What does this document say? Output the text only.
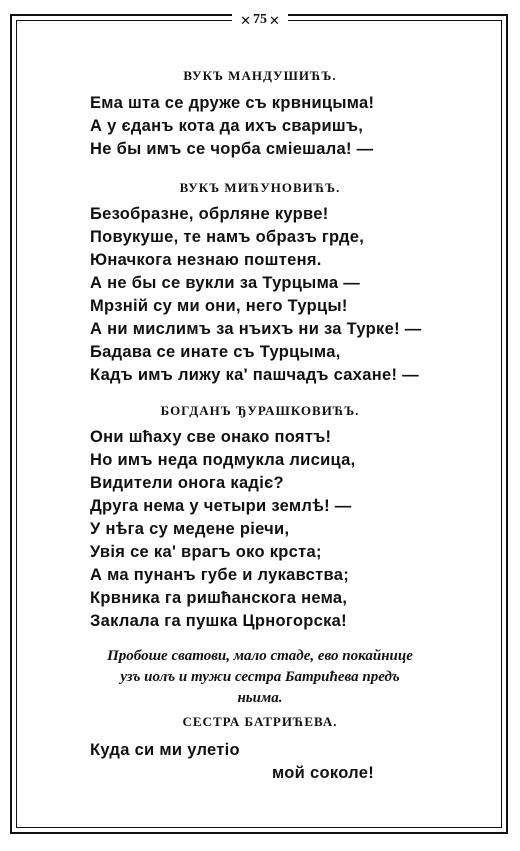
✕ 75 ✕
ВУКЪ МАНДУШИЋЪ.
Ема шта се друже съ крвницыма!
А у єданъ кота да ихъ сваришъ,
Не бы имъ се чорба сміешала! —
ВУКЪ МИЋУНОВИЋЪ.
Безобразне, обрляне курве!
Повукуше, те намъ образъ грде,
Юначкога незнаю поштеня.
А не бы се вукли за Турцыма —
Мрзній су ми они, него Турцы!
А ни мислимъ за нъихъ ни за Турке! —
Бадава се инате съ Турцыма,
Кадъ имъ лижу ка' пашчадъ сахане! —
БОГДАНЪ ЂУРАШКОВИЋЪ.
Они шћаху све онако поятъ!
Но имъ неда подмукла лисица,
Видители онога кадіє?
Друга нема у четыри землѣ! —
У нѣга су медене ріечи,
Увія се ка' врагъ око крста;
А ма пунанъ губе и лукавства;
Крвника га ришћанскога нема,
Заклала га пушка Црногорска!
Пробоше сватови, мало стаде, ево покайнице
узъ иолъ и тужи сестра Батрићева предъ
ньима.
СЕСТРА БАТРИЋЕВА.
Куда си ми улетіо
мой соколе!
